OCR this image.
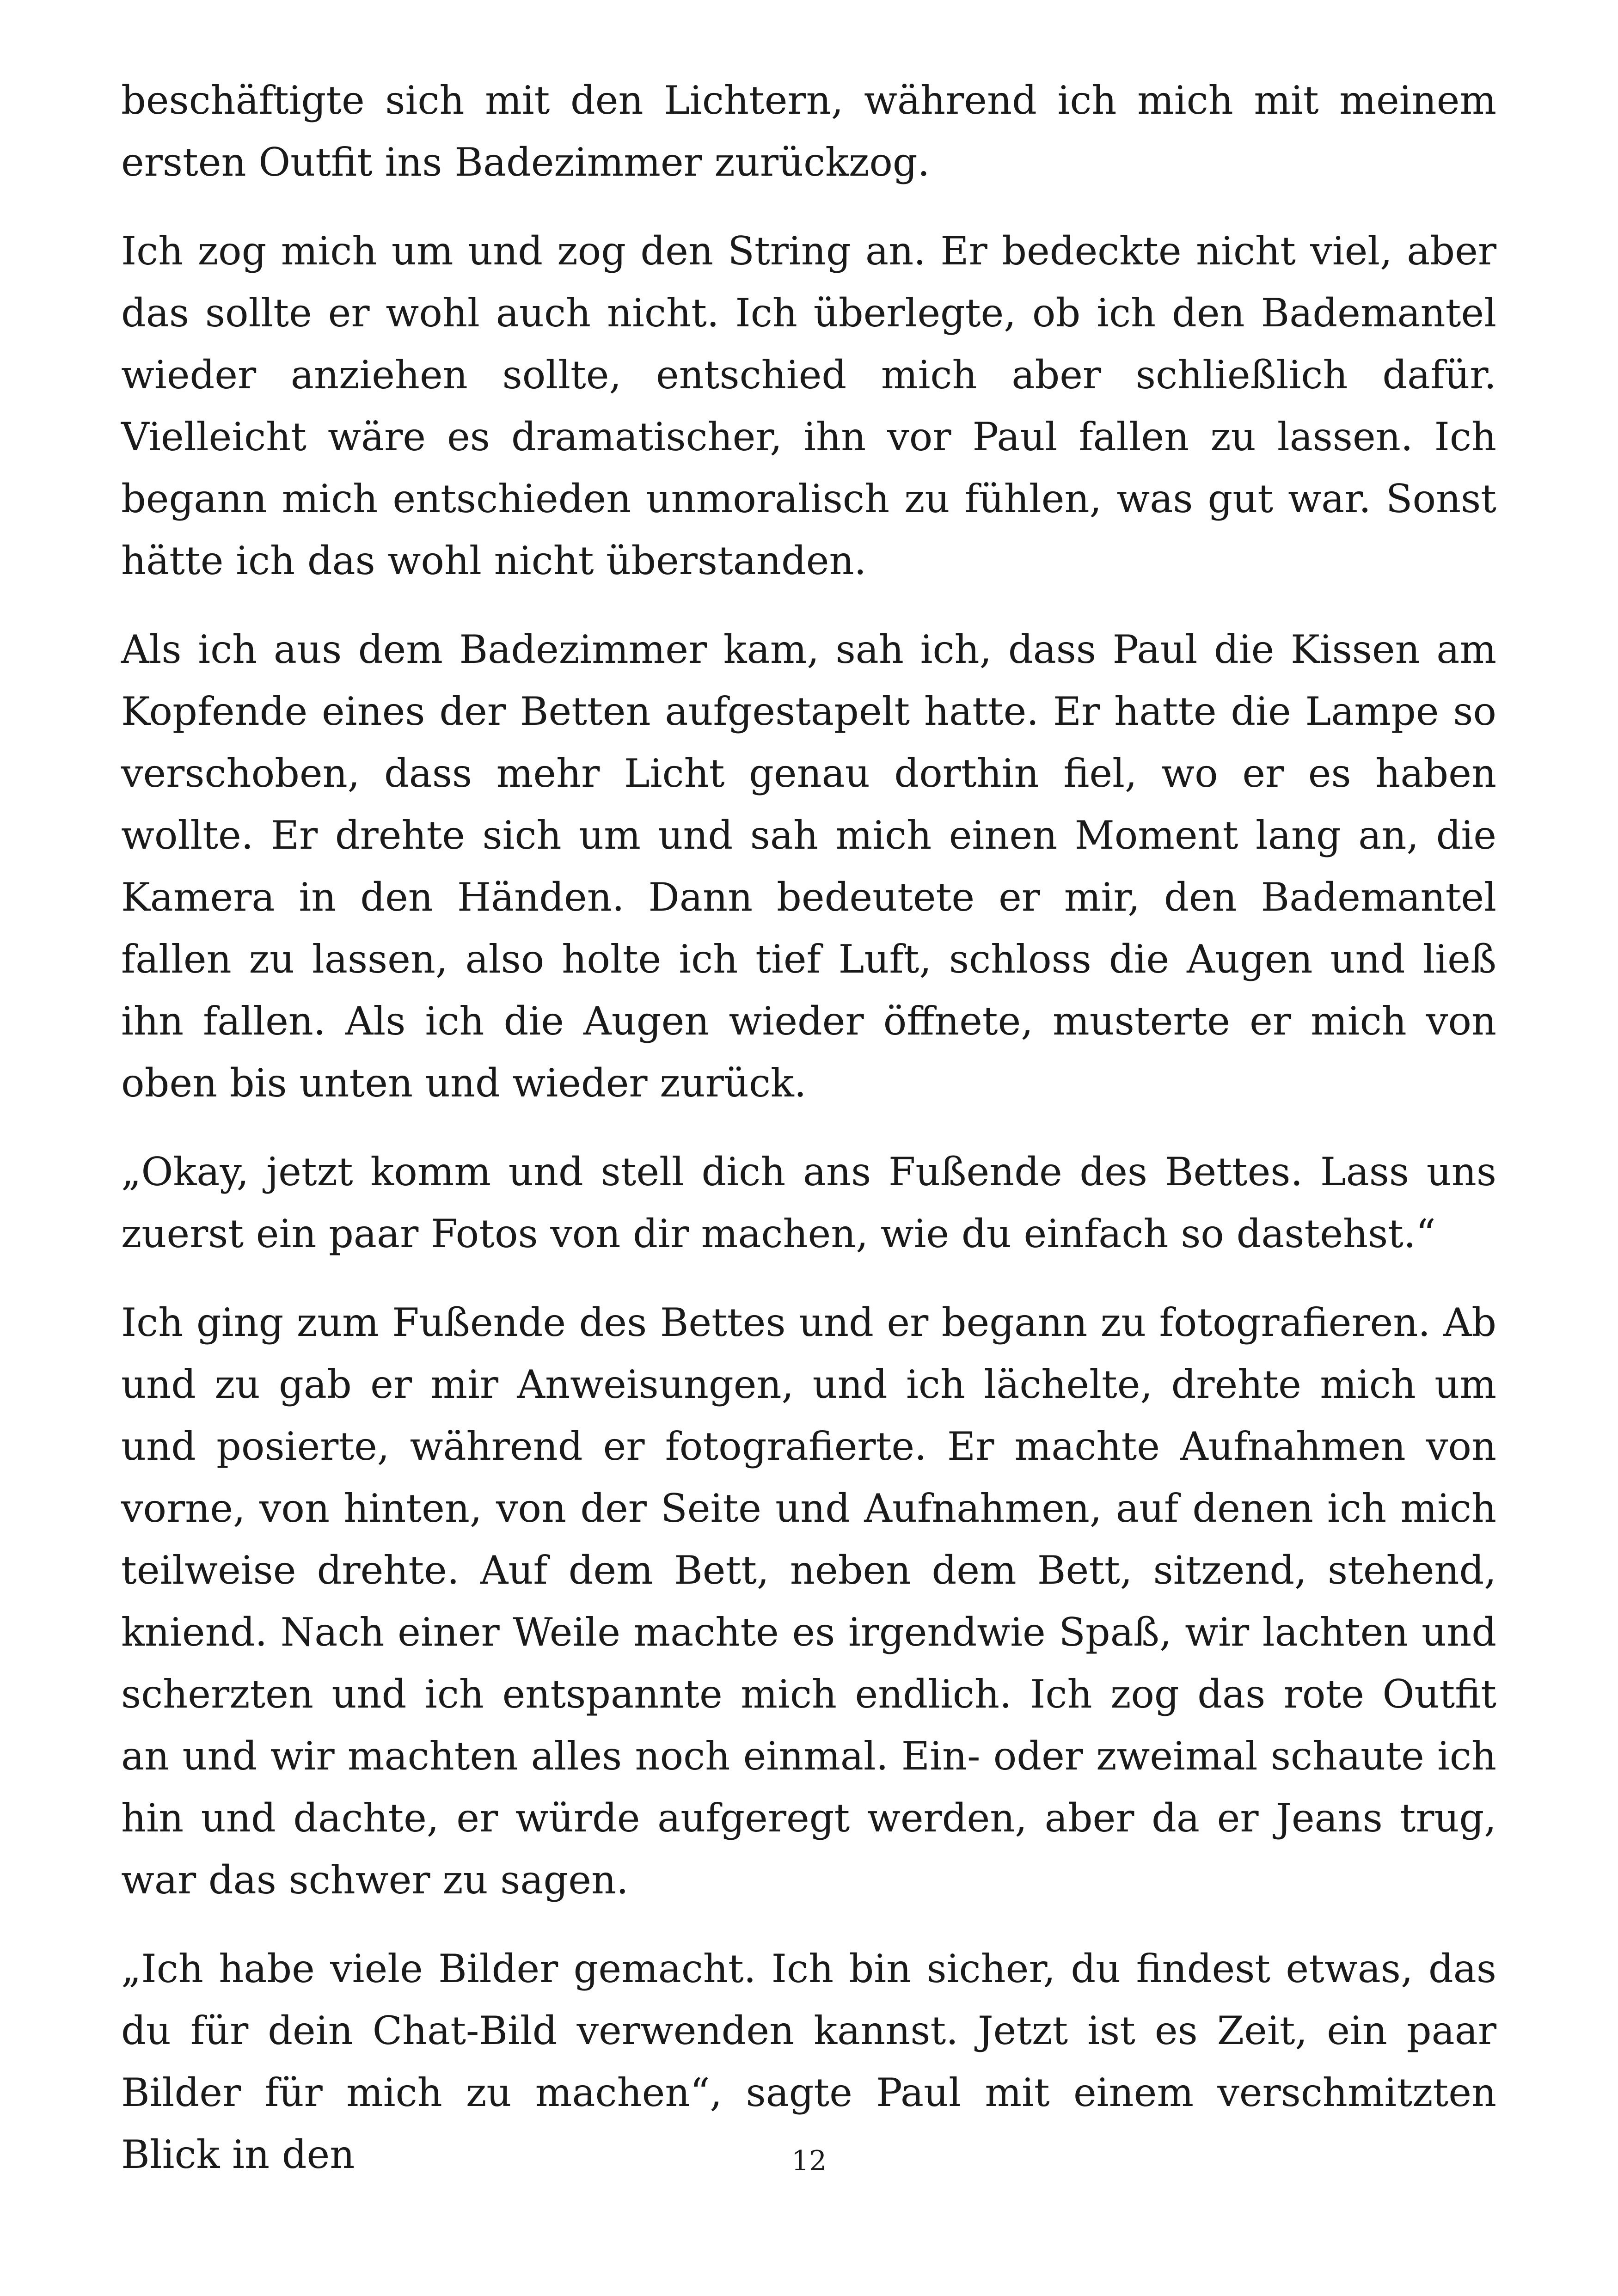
beschäftigte sich mit den Lichtern, während ich mich mit meinem ersten Outfit ins Badezimmer zurückzog.

Ich zog mich um und zog den String an. Er bedeckte nicht viel, aber das sollte er wohl auch nicht. Ich überlegte, ob ich den Bademantel wieder anziehen sollte, entschied mich aber schließlich dafür. Vielleicht wäre es dramatischer, ihn vor Paul fallen zu lassen. Ich begann mich entschieden unmoralisch zu fühlen, was gut war. Sonst hätte ich das wohl nicht überstanden.

Als ich aus dem Badezimmer kam, sah ich, dass Paul die Kissen am Kopfende eines der Betten aufgestapelt hatte. Er hatte die Lampe so verschoben, dass mehr Licht genau dorthin fiel, wo er es haben wollte. Er drehte sich um und sah mich einen Moment lang an, die Kamera in den Händen. Dann bedeutete er mir, den Bademantel fallen zu lassen, also holte ich tief Luft, schloss die Augen und ließ ihn fallen. Als ich die Augen wieder öffnete, musterte er mich von oben bis unten und wieder zurück.

„Okay, jetzt komm und stell dich ans Fußende des Bettes. Lass uns zuerst ein paar Fotos von dir machen, wie du einfach so dastehst.“

Ich ging zum Fußende des Bettes und er begann zu fotografieren. Ab und zu gab er mir Anweisungen, und ich lächelte, drehte mich um und posierte, während er fotografierte. Er machte Aufnahmen von vorne, von hinten, von der Seite und Aufnahmen, auf denen ich mich teilweise drehte. Auf dem Bett, neben dem Bett, sitzend, stehend, kniend. Nach einer Weile machte es irgendwie Spaß, wir lachten und scherzten und ich entspannte mich endlich. Ich zog das rote Outfit an und wir machten alles noch einmal. Ein- oder zweimal schaute ich hin und dachte, er würde aufgeregt werden, aber da er Jeans trug, war das schwer zu sagen.

„Ich habe viele Bilder gemacht. Ich bin sicher, du findest etwas, das du für dein Chat-Bild verwenden kannst. Jetzt ist es Zeit, ein paar Bilder für mich zu machen“, sagte Paul mit einem verschmitzten Blick in den	12
